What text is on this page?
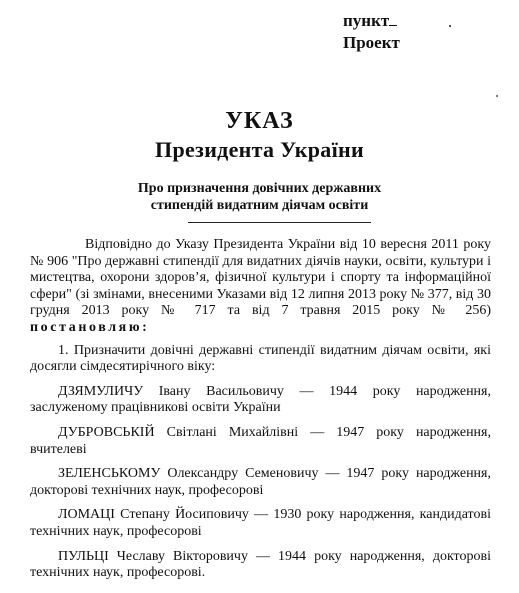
пункт
Проект
УКАЗ
Президента України
Про призначення довічних державних
стипендій видатним діячам освіти

Відповідно до Указу Президента України від 10 вересня 2011 року № 906 "Про державні стипендії для видатних діячів науки, освіти, культури і мистецтва, охорони здоров’я, фізичної культури і спорту та інформаційної сфери" (зі змінами, внесеними Указами від 12 липня 2013 року № 377, від 30 грудня 2013 року № 717 та від 7 травня 2015 року № 256) постановляю:

1. Призначити довічні державні стипендії видатним діячам освіти, які досягли сімдесятирічного віку:

ДЗЯМУЛИЧУ Івану Васильовичу — 1944 року народження, заслуженому працівникові освіти України

ДУБРОВСЬКІЙ Світлані Михайлівні — 1947 року народження, вчителеві

ЗЕЛЕНСЬКОМУ Олександру Семеновичу — 1947 року народження, докторові технічних наук, професорові

ЛОМАЦІ Степану Йосиповичу — 1930 року народження, кандидатові технічних наук, професорові

ПУЛЬЦІ Чеславу Вікторовичу — 1944 року народження, докторові технічних наук, професорові.
